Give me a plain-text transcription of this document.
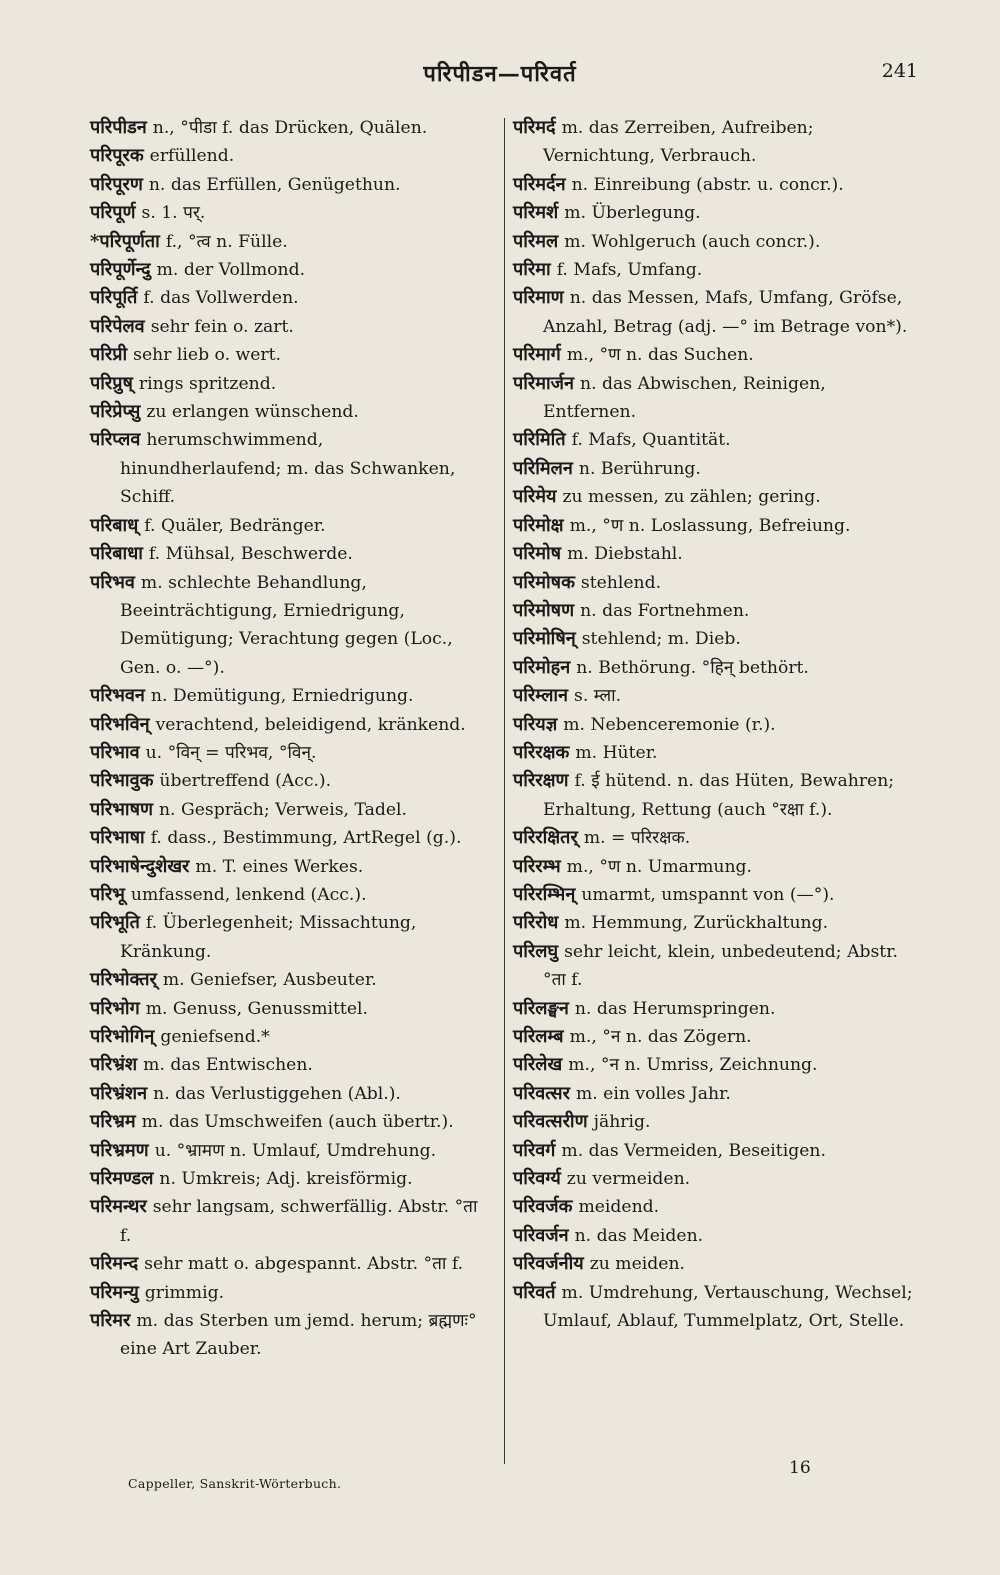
परिपीडन—परिवर्त	241

परिपीडन n., °पीडा f. das Drücken, Quälen.

परिपूरक erfüllend.

परिपूरण n. das Erfüllen, Genügethun.

परिपूर्ण s. 1. पर्.

*परिपूर्णता f., °त्व n. Fülle.

परिपूर्णेन्दु m. der Vollmond.

परिपूर्ति f. das Vollwerden.

परिपेलव sehr fein o. zart.

परिप्री sehr lieb o. wert.

परिप्रुष् rings spritzend.

परिप्रेप्सु zu erlangen wünschend.

परिप्लव herumschwimmend, hinundherlaufend; m. das Schwanken, Schiff.

परिबाध् f. Quäler, Bedränger.

परिबाधा f. Mühsal, Beschwerde.

परिभव m. schlechte Behandlung, Beeinträchtigung, Erniedrigung, Demütigung; Verachtung gegen (Loc., Gen. o. —°).

परिभवन n. Demütigung, Erniedrigung.

परिभविन् verachtend, beleidigend, kränkend.

परिभाव u. °विन् = परिभव, °विन्.

परिभावुक übertreffend (Acc.).

परिभाषण n. Gespräch; Verweis, Tadel.

परिभाषा f. dass., Bestimmung, ArtRegel (g.).

परिभाषेन्दुशेखर m. T. eines Werkes.

परिभू umfassend, lenkend (Acc.).

परिभूति f. Überlegenheit; Missachtung, Kränkung.

परिभोक्तर् m. Geniefser, Ausbeuter.

परिभोग m. Genuss, Genussmittel.

परिभोगिन् geniefsend.*

परिभ्रंश m. das Entwischen.

परिभ्रंशन n. das Verlustiggehen (Abl.).

परिभ्रम m. das Umschweifen (auch übertr.).

परिभ्रमण u. °भ्रामण n. Umlauf, Umdrehung.

परिमण्डल n. Umkreis; Adj. kreisförmig.

परिमन्थर sehr langsam, schwerfällig. Abstr. °ता f.

परिमन्द sehr matt o. abgespannt. Abstr. °ता f.

परिमन्यु grimmig.

परिमर m. das Sterben um jemd. herum; ब्रह्मणः° eine Art Zauber.

परिमर्द m. das Zerreiben, Aufreiben; Vernichtung, Verbrauch.

परिमर्दन n. Einreibung (abstr. u. concr.).

परिमर्श m. Überlegung.

परिमल m. Wohlgeruch (auch concr.).

परिमा f. Mafs, Umfang.

परिमाण n. das Messen, Mafs, Umfang, Gröfse, Anzahl, Betrag (adj. —° im Betrage von*).

परिमार्ग m., °ण n. das Suchen.

परिमार्जन n. das Abwischen, Reinigen, Entfernen.

परिमिति f. Mafs, Quantität.

परिमिलन n. Berührung.

परिमेय zu messen, zu zählen; gering.

परिमोक्ष m., °ण n. Loslassung, Befreiung.

परिमोष m. Diebstahl.

परिमोषक stehlend.

परिमोषण n. das Fortnehmen.

परिमोषिन् stehlend; m. Dieb.

परिमोहन n. Bethörung. °हिन् bethört.

परिम्लान s. म्ला.

परियज्ञ m. Nebenceremonie (r.).

परिरक्षक m. Hüter.

परिरक्षण f. ई hütend. n. das Hüten, Bewahren; Erhaltung, Rettung (auch °रक्षा f.).

परिरक्षितर् m. = परिरक्षक.

परिरम्भ m., °ण n. Umarmung.

परिरम्भिन् umarmt, umspannt von (—°).

परिरोध m. Hemmung, Zurückhaltung.

परिलघु sehr leicht, klein, unbedeutend; Abstr. °ता f.

परिलङ्घन n. das Herumspringen.

परिलम्ब m., °न n. das Zögern.

परिलेख m., °न n. Umriss, Zeichnung.

परिवत्सर m. ein volles Jahr.

परिवत्सरीण jährig.

परिवर्ग m. das Vermeiden, Beseitigen.

परिवर्ग्य zu vermeiden.

परिवर्जक meidend.

परिवर्जन n. das Meiden.

परिवर्जनीय zu meiden.

परिवर्त m. Umdrehung, Vertauschung, Wechsel; Umlauf, Ablauf, Tummelplatz, Ort, Stelle.

Cappeller, Sanskrit-Wörterbuch.
16
